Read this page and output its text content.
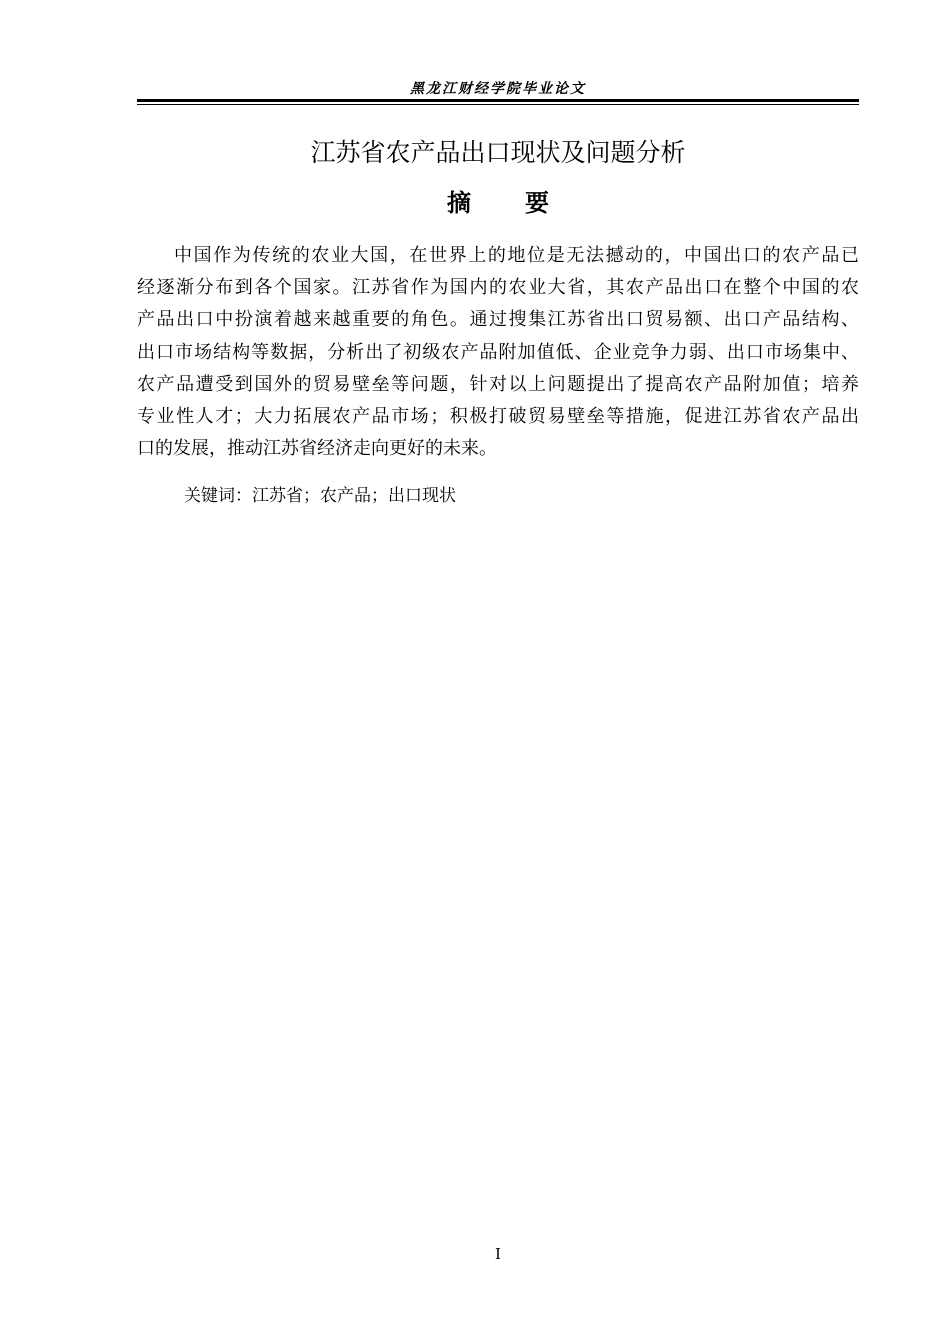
黑龙江财经学院毕业论文
江苏省农产品出口现状及问题分析
摘 要
中国作为传统的农业大国，在世界上的地位是无法撼动的，中国出口的农产品已
经逐渐分布到各个国家。江苏省作为国内的农业大省，其农产品出口在整个中国的农
产品出口中扮演着越来越重要的角色。通过搜集江苏省出口贸易额、出口产品结构、
出口市场结构等数据，分析出了初级农产品附加值低、企业竞争力弱、出口市场集中、
农产品遭受到国外的贸易壁垒等问题，针对以上问题提出了提高农产品附加值；培养
专业性人才；大力拓展农产品市场；积极打破贸易壁垒等措施，促进江苏省农产品出
口的发展，推动江苏省经济走向更好的未来。
关键词：江苏省；农产品；出口现状
I
